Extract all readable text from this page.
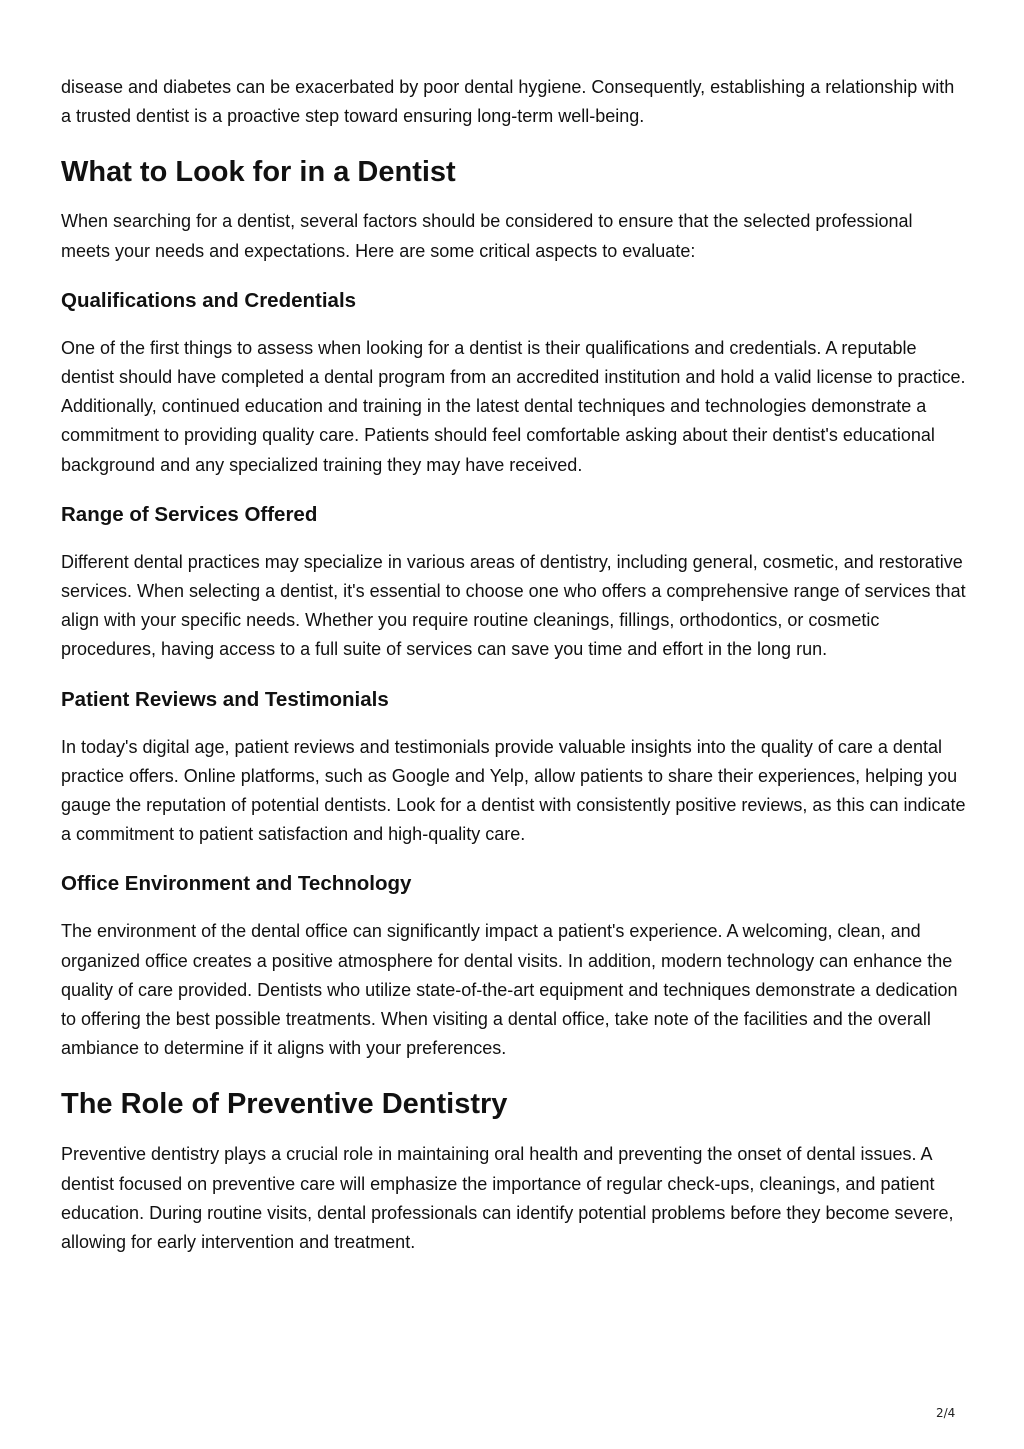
disease and diabetes can be exacerbated by poor dental hygiene. Consequently, establishing a relationship with a trusted dentist is a proactive step toward ensuring long-term well-being.

What to Look for in a Dentist

When searching for a dentist, several factors should be considered to ensure that the selected professional meets your needs and expectations. Here are some critical aspects to evaluate:

Qualifications and Credentials

One of the first things to assess when looking for a dentist is their qualifications and credentials. A reputable dentist should have completed a dental program from an accredited institution and hold a valid license to practice. Additionally, continued education and training in the latest dental techniques and technologies demonstrate a commitment to providing quality care. Patients should feel comfortable asking about their dentist's educational background and any specialized training they may have received.

Range of Services Offered

Different dental practices may specialize in various areas of dentistry, including general, cosmetic, and restorative services. When selecting a dentist, it's essential to choose one who offers a comprehensive range of services that align with your specific needs. Whether you require routine cleanings, fillings, orthodontics, or cosmetic procedures, having access to a full suite of services can save you time and effort in the long run.

Patient Reviews and Testimonials

In today's digital age, patient reviews and testimonials provide valuable insights into the quality of care a dental practice offers. Online platforms, such as Google and Yelp, allow patients to share their experiences, helping you gauge the reputation of potential dentists. Look for a dentist with consistently positive reviews, as this can indicate a commitment to patient satisfaction and high-quality care.

Office Environment and Technology

The environment of the dental office can significantly impact a patient's experience. A welcoming, clean, and organized office creates a positive atmosphere for dental visits. In addition, modern technology can enhance the quality of care provided. Dentists who utilize state-of-the-art equipment and techniques demonstrate a dedication to offering the best possible treatments. When visiting a dental office, take note of the facilities and the overall ambiance to determine if it aligns with your preferences.

The Role of Preventive Dentistry

Preventive dentistry plays a crucial role in maintaining oral health and preventing the onset of dental issues. A dentist focused on preventive care will emphasize the importance of regular check-ups, cleanings, and patient education. During routine visits, dental professionals can identify potential problems before they become severe, allowing for early intervention and treatment.

2/4
